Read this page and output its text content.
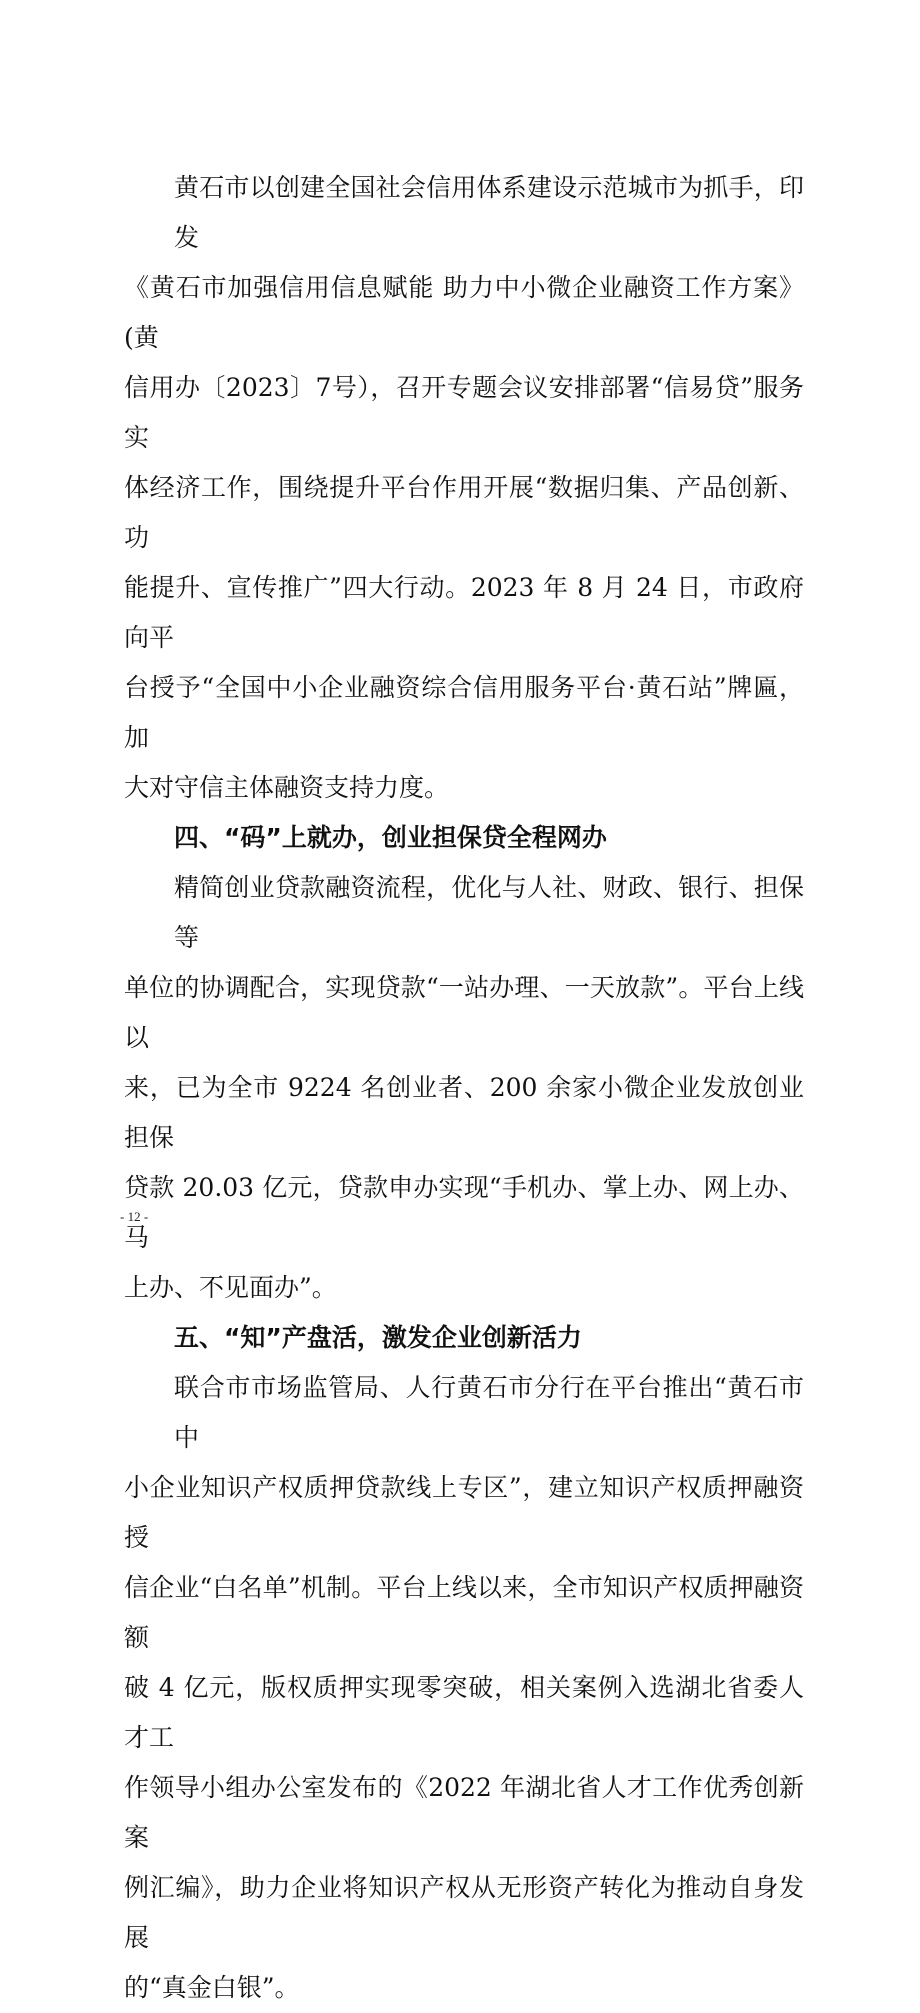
黄石市以创建全国社会信用体系建设示范城市为抓手，印发
《黄石市加强信用信息赋能 助力中小微企业融资工作方案》(黄
信用办〔2023〕7号），召开专题会议安排部署“信易贷”服务实
体经济工作，围绕提升平台作用开展“数据归集、产品创新、功
能提升、宣传推广”四大行动。2023 年 8 月 24 日，市政府向平
台授予“全国中小企业融资综合信用服务平台·黄石站”牌匾，加
大对守信主体融资支持力度。
四、“码”上就办，创业担保贷全程网办
精简创业贷款融资流程，优化与人社、财政、银行、担保等
单位的协调配合，实现贷款“一站办理、一天放款”。平台上线以
来，已为全市 9224 名创业者、200 余家小微企业发放创业担保
贷款 20.03 亿元，贷款申办实现“手机办、掌上办、网上办、马
上办、不见面办”。
五、“知”产盘活，激发企业创新活力
联合市市场监管局、人行黄石市分行在平台推出“黄石市中
小企业知识产权质押贷款线上专区”，建立知识产权质押融资授
信企业“白名单”机制。平台上线以来，全市知识产权质押融资额
破 4 亿元，版权质押实现零突破，相关案例入选湖北省委人才工
作领导小组办公室发布的《2022 年湖北省人才工作优秀创新案
例汇编》，助力企业将知识产权从无形资产转化为推动自身发展
的“真金白银”。
- 12 -
